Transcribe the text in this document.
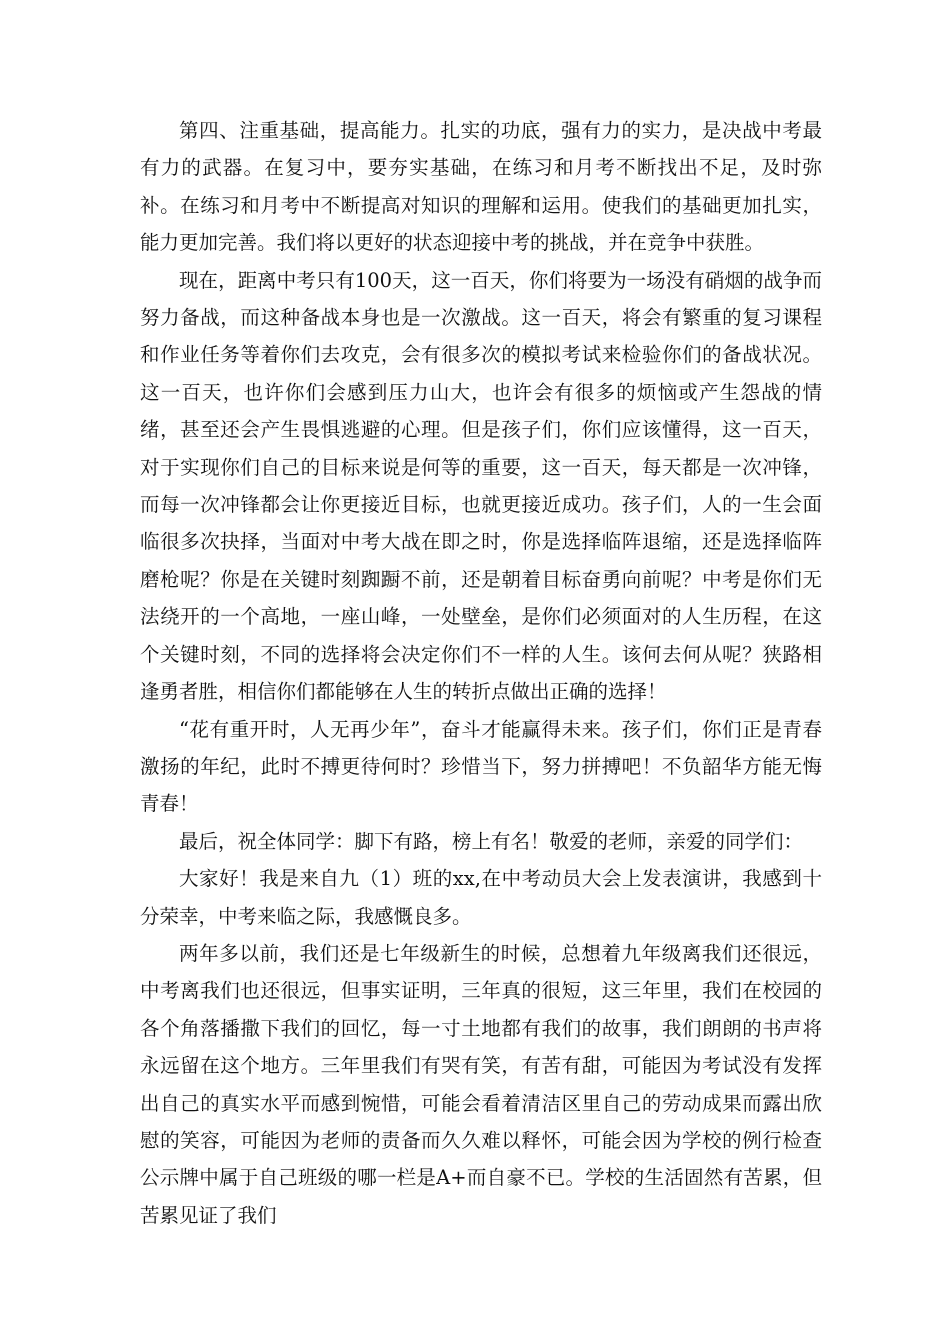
第四、注重基础，提高能力。扎实的功底，强有力的实力，是决战中考最有力的武器。在复习中，要夯实基础，在练习和月考不断找出不足，及时弥补。在练习和月考中不断提高对知识的理解和运用。使我们的基础更加扎实，能力更加完善。我们将以更好的状态迎接中考的挑战，并在竞争中获胜。

现在，距离中考只有100天，这一百天，你们将要为一场没有硝烟的战争而努力备战，而这种备战本身也是一次激战。这一百天，将会有繁重的复习课程和作业任务等着你们去攻克，会有很多次的模拟考试来检验你们的备战状况。这一百天，也许你们会感到压力山大，也许会有很多的烦恼或产生怨战的情绪，甚至还会产生畏惧逃避的心理。但是孩子们，你们应该懂得，这一百天，对于实现你们自己的目标来说是何等的重要，这一百天，每天都是一次冲锋，而每一次冲锋都会让你更接近目标，也就更接近成功。孩子们，人的一生会面临很多次抉择，当面对中考大战在即之时，你是选择临阵退缩，还是选择临阵磨枪呢？你是在关键时刻踟蹰不前，还是朝着目标奋勇向前呢？中考是你们无法绕开的一个高地，一座山峰，一处壁垒，是你们必须面对的人生历程，在这个关键时刻，不同的选择将会决定你们不一样的人生。该何去何从呢？狭路相逢勇者胜，相信你们都能够在人生的转折点做出正确的选择！

“花有重开时，人无再少年”，奋斗才能赢得未来。孩子们，你们正是青春激扬的年纪，此时不搏更待何时？珍惜当下，努力拼搏吧！不负韶华方能无悔青春！

最后，祝全体同学：脚下有路，榜上有名！敬爱的老师，亲爱的同学们：

大家好！我是来自九（1）班的xx,在中考动员大会上发表演讲，我感到十分荣幸，中考来临之际，我感慨良多。

两年多以前，我们还是七年级新生的时候，总想着九年级离我们还很远，中考离我们也还很远，但事实证明，三年真的很短，这三年里，我们在校园的各个角落播撒下我们的回忆，每一寸土地都有我们的故事，我们朗朗的书声将永远留在这个地方。三年里我们有哭有笑，有苦有甜，可能因为考试没有发挥出自己的真实水平而感到惋惜，可能会看着清洁区里自己的劳动成果而露出欣慰的笑容，可能因为老师的责备而久久难以释怀，可能会因为学校的例行检查公示牌中属于自己班级的哪一栏是A+而自豪不已。学校的生活固然有苦累，但苦累见证了我们
